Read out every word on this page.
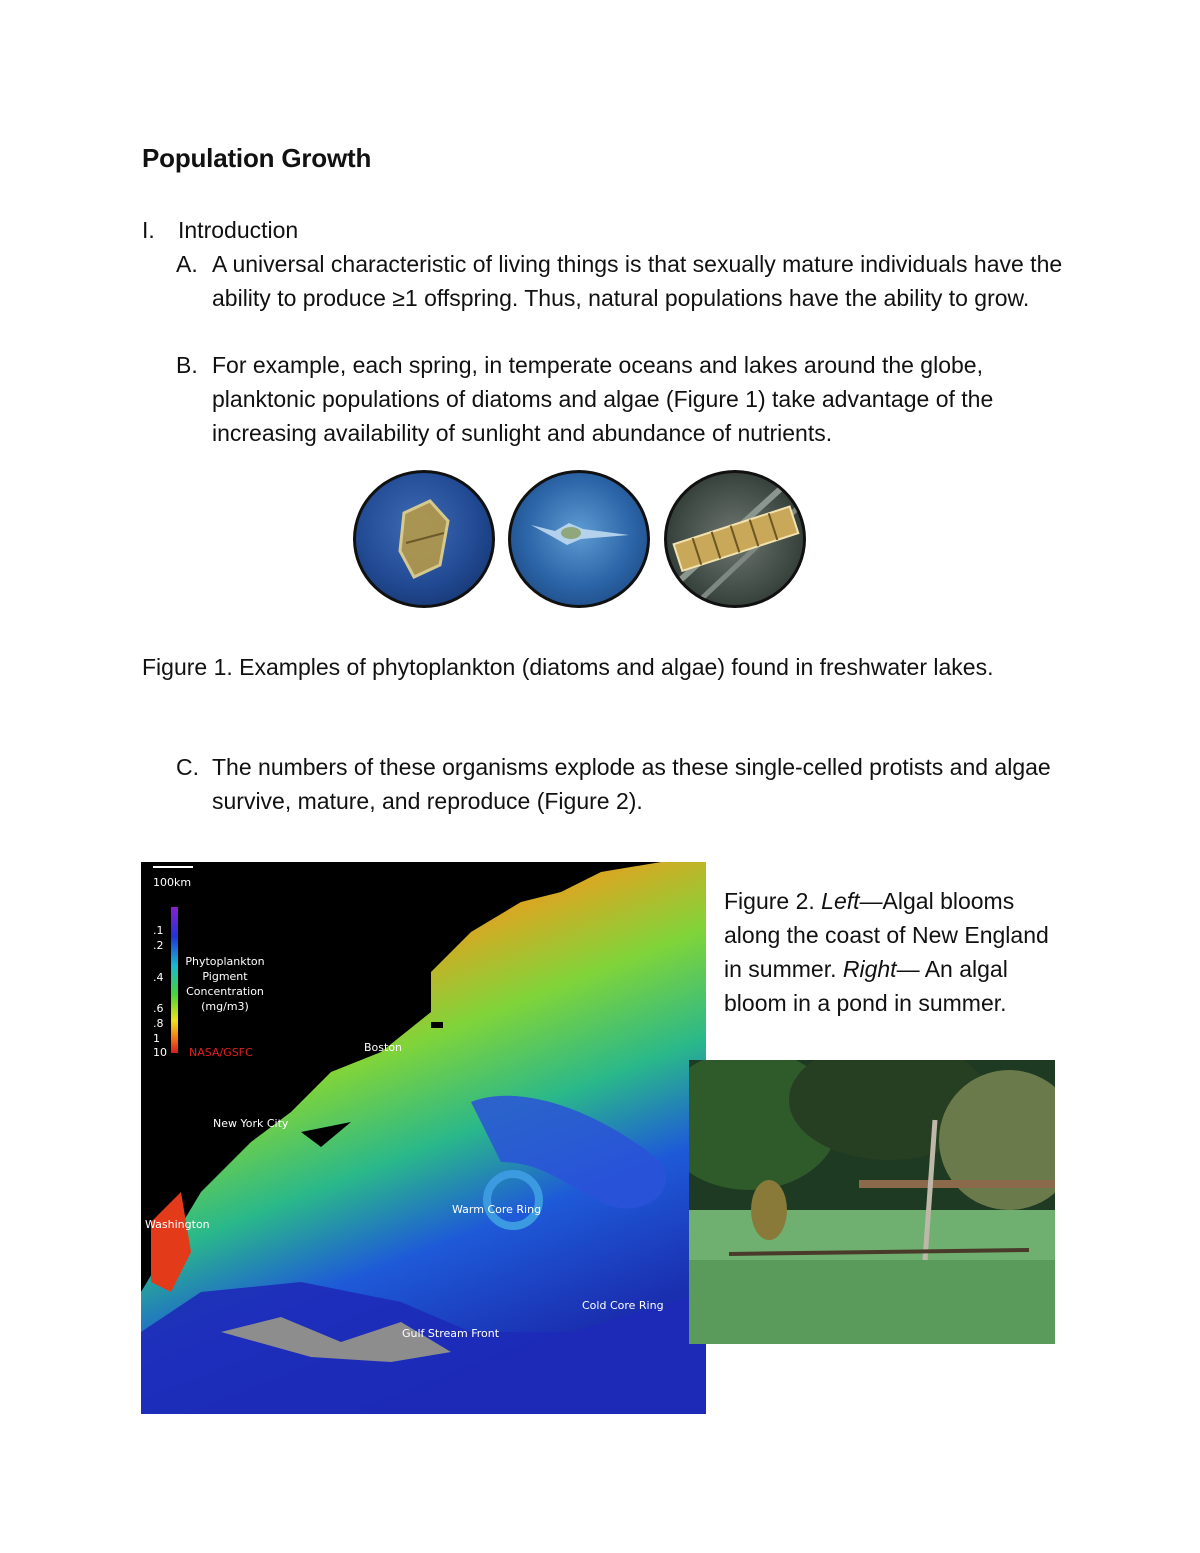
Population Growth
I. Introduction
A. A universal characteristic of living things is that sexually mature individuals have the ability to produce ≥1 offspring. Thus, natural populations have the ability to grow.
B. For example, each spring, in temperate oceans and lakes around the globe, planktonic populations of diatoms and algae (Figure 1) take advantage of the increasing availability of sunlight and abundance of nutrients.
Figure 1. Examples of phytoplankton (diatoms and algae) found in freshwater lakes.
C. The numbers of these organisms explode as these single-celled protists and algae survive, mature, and reproduce (Figure 2).
100km
.1
.2
.4
.6
.8
1
10
Phytoplankton Pigment Concentration (mg/m3)
NASA/GSFC	Boston
New York City
Washington
Warm Core Ring
Cold Core Ring
Gulf Stream Front
Figure 2. Left—Algal blooms along the coast of New England in summer. Right— An algal bloom in a pond in summer.
